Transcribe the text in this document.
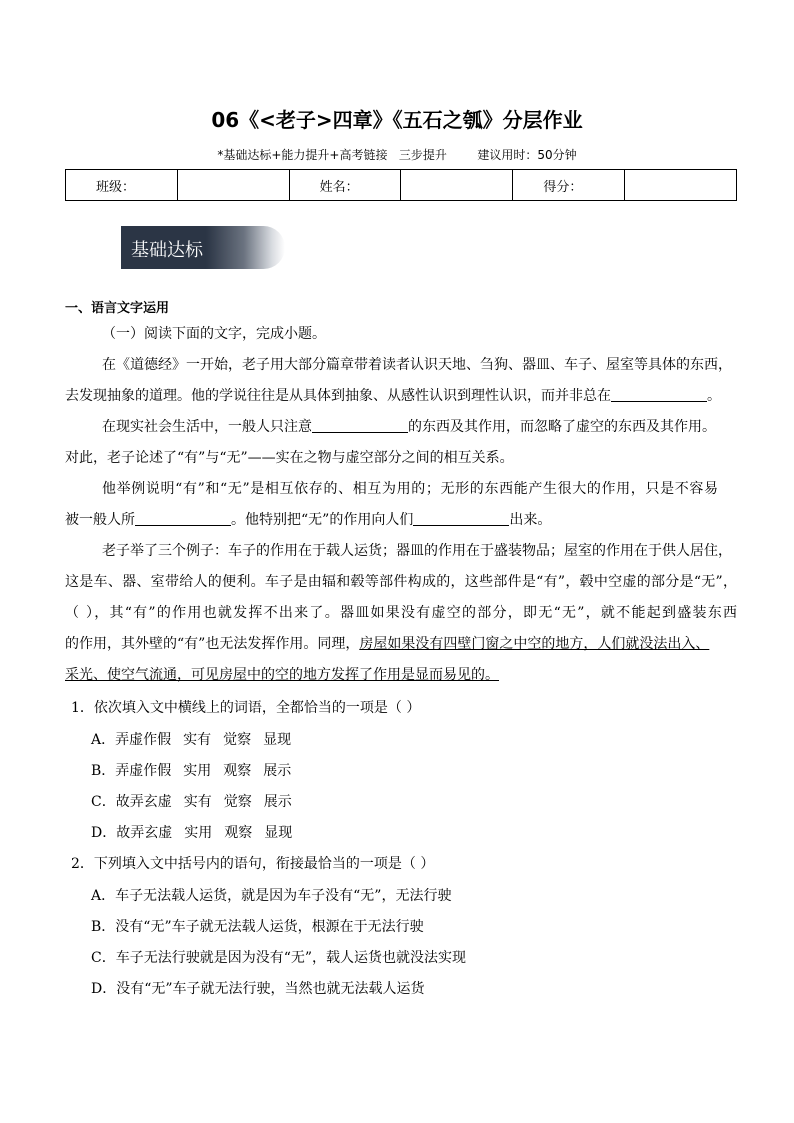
06《<老子>四章》《五石之瓠》分层作业
*基础达标+能力提升+高考链接   三步提升        建议用时：50分钟
班级：		姓名：		得分：	
基础达标
一、语言文字运用
（一）阅读下面的文字，完成小题。
在《道德经》一开始，老子用大部分篇章带着读者认识天地、刍狗、器皿、车子、屋室等具体的东西，
去发现抽象的道理。他的学说往往是从具体到抽象、从感性认识到理性认识，而并非总在	。
在现实社会生活中，一般人只注意	的东西及其作用，而忽略了虚空的东西及其作用。
对此，老子论述了“有”与“无”——实在之物与虚空部分之间的相互关系。
他举例说明“有”和“无”是相互依存的、相互为用的；无形的东西能产生很大的作用，只是不容易
被一般人所	。他特别把“无”的作用向人们	出来。
老子举了三个例子：车子的作用在于载人运货；器皿的作用在于盛装物品；屋室的作用在于供人居住，
这是车、器、室带给人的便利。车子是由辐和毂等部件构成的，这些部件是“有”，毂中空虚的部分是“无”，
（ ），其“有”的作用也就发挥不出来了。器皿如果没有虚空的部分，即无“无”，就不能起到盛装东西
的作用，其外壁的“有”也无法发挥作用。同理，房屋如果没有四壁门窗之中空的地方，人们就没法出入、
采光、使空气流通，可见房屋中的空的地方发挥了作用是显而易见的。
1．依次填入文中横线上的词语，全都恰当的一项是（ ）
A．弄虚作假 实有 觉察 显现
B．弄虚作假 实用 观察 展示
C．故弄玄虚 实有 觉察 展示
D．故弄玄虚 实用 观察 显现
2．下列填入文中括号内的语句，衔接最恰当的一项是（ ）
A．车子无法载人运货，就是因为车子没有“无”，无法行驶
B．没有“无”车子就无法载人运货，根源在于无法行驶
C．车子无法行驶就是因为没有“无”，载人运货也就没法实现
D．没有“无”车子就无法行驶，当然也就无法载人运货
